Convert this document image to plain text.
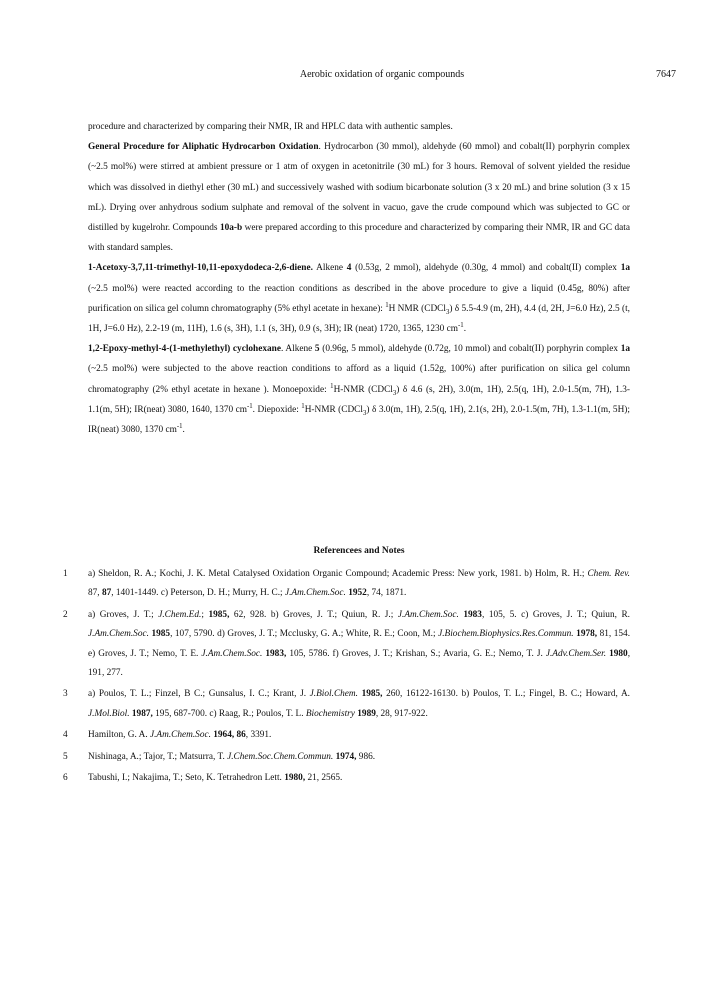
Aerobic oxidation of organic compounds	7647

procedure and characterized by comparing their NMR, IR and HPLC data with authentic samples.

General Procedure for Aliphatic Hydrocarbon Oxidation. Hydrocarbon (30 mmol), aldehyde (60 mmol) and cobalt(II) porphyrin complex (~2.5 mol%) were stirred at ambient pressure or 1 atm of oxygen in acetonitrile (30 mL) for 3 hours. Removal of solvent yielded the residue which was dissolved in diethyl ether (30 mL) and successively washed with sodium bicarbonate solution (3 x 20 mL) and brine solution (3 x 15 mL). Drying over anhydrous sodium sulphate and removal of the solvent in vacuo, gave the crude compound which was subjected to GC or distilled by kugelrohr. Compounds 10a-b were prepared according to this procedure and characterized by comparing their NMR, IR and GC data with standard samples.

1-Acetoxy-3,7,11-trimethyl-10,11-epoxydodeca-2,6-diene. Alkene 4 (0.53g, 2 mmol), aldehyde (0.30g, 4 mmol) and cobalt(II) complex 1a (~2.5 mol%) were reacted according to the reaction conditions as described in the above procedure to give a liquid (0.45g, 80%) after purification on silica gel column chromatography (5% ethyl acetate in hexane): $^1$H NMR (CDCl$_3$) δ 5.5-4.9 (m, 2H), 4.4 (d, 2H, J=6.0 Hz), 2.5 (t, 1H, J=6.0 Hz), 2.2-19 (m, 11H), 1.6 (s, 3H), 1.1 (s, 3H), 0.9 (s, 3H); IR (neat) 1720, 1365, 1230 $cm^{-1}$.

1,2-Epoxy-methyl-4-(1-methylethyl) cyclohexane. Alkene 5 (0.96g, 5 mmol), aldehyde (0.72g, 10 mmol) and cobalt(II) porphyrin complex 1a (~2.5 mol%) were subjected to the above reaction conditions to afford as a liquid (1.52g, 100%) after purification on silica gel column chromatography (2% ethyl acetate in hexane ). Monoepoxide: $^1$H-NMR (CDCl$_3$) δ 4.6 (s, 2H), 3.0(m, 1H), 2.5(q, 1H), 2.0-1.5(m, 7H), 1.3-1.1(m, 5H); IR(neat) 3080, 1640, 1370 $cm^{-1}$. Diepoxide: $^1$H-NMR (CDCl$_3$) δ 3.0(m, 1H), 2.5(q, 1H), 2.1(s, 2H), 2.0-1.5(m, 7H), 1.3-1.1(m, 5H); IR(neat) 3080, 1370 $cm^{-1}$.

Referencees and Notes
1	a) Sheldon, R. A.; Kochi, J. K. Metal Catalysed Oxidation Organic Compound; Academic Press: New york, 1981. b) Holm, R. H.; Chem. Rev. 87, 87, 1401-1449. c) Peterson, D. H.; Murry, H. C.; J.Am.Chem.Soc. 1952, 74, 1871.
2	a) Groves, J. T.; J.Chem.Ed.; 1985, 62, 928. b) Groves, J. T.; Quiun, R. J.; J.Am.Chem.Soc. 1983, 105, 5. c) Groves, J. T.; Quiun, R. J.Am.Chem.Soc. 1985, 107, 5790. d) Groves, J. T.; Mcclusky, G. A.; White, R. E.; Coon, M.; J.Biochem.Biophysics.Res.Commun. 1978, 81, 154. e) Groves, J. T.; Nemo, T. E. J.Am.Chem.Soc. 1983, 105, 5786. f) Groves, J. T.; Krishan, S.; Avaria, G. E.; Nemo, T. J. J.Adv.Chem.Ser. 1980, 191, 277.
3	a) Poulos, T. L.; Finzel, B C.; Gunsalus, I. C.; Krant, J. J.Biol.Chem. 1985, 260, 16122-16130. b) Poulos, T. L.; Fingel, B. C.; Howard, A. J.Mol.Biol. 1987, 195, 687-700. c) Raag, R.; Poulos, T. L. Biochemistry 1989, 28, 917-922.
4	Hamilton, G. A. J.Am.Chem.Soc. 1964, 86, 3391.
5	Nishinaga, A.; Tajor, T.; Matsurra, T. J.Chem.Soc.Chem.Commun. 1974, 986.
6	Tabushi, I.; Nakajima, T.; Seto, K. Tetrahedron Lett. 1980, 21, 2565.
